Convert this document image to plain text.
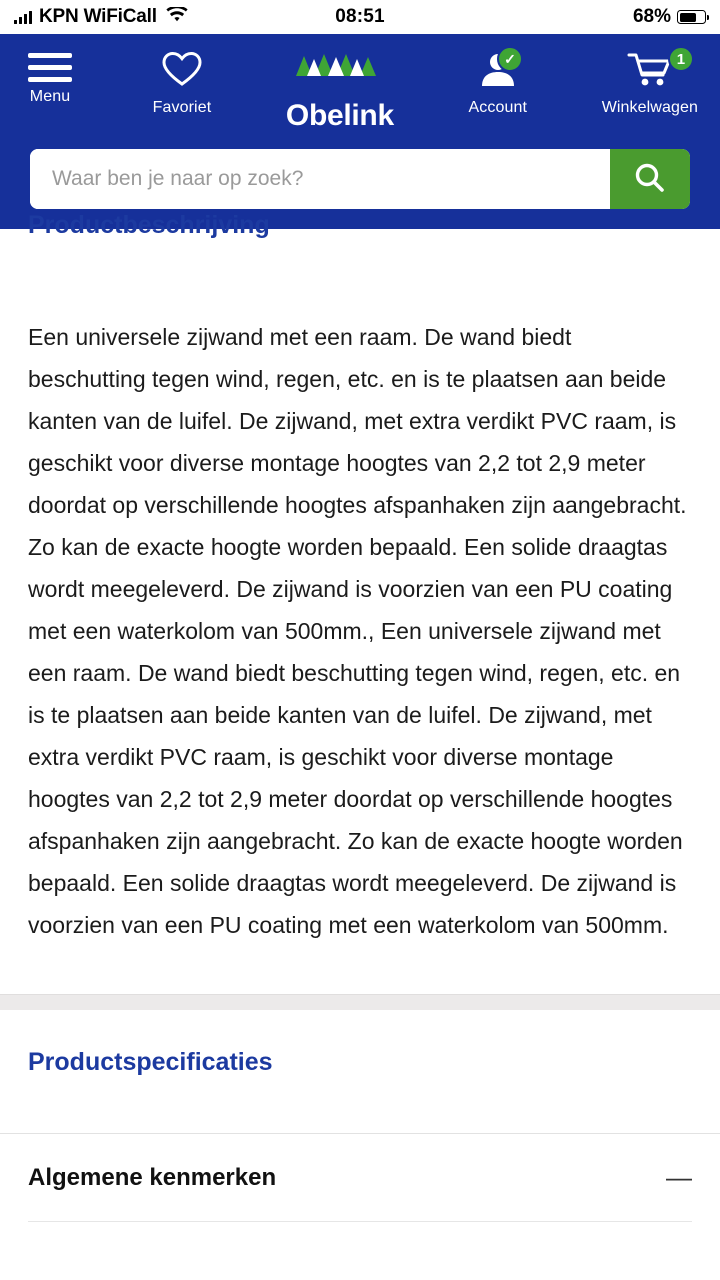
KPN WiFiCall	08:51	68%
Menu
Favoriet Obelink
✓
Account
1
Winkelwagen
Waar ben je naar op zoek?
Productbeschrijving

Een universele zijwand met een raam. De wand biedt beschutting tegen wind, regen, etc. en is te plaatsen aan beide kanten van de luifel. De zijwand, met extra verdikt PVC raam, is geschikt voor diverse montage hoogtes van 2,2 tot 2,9 meter doordat op verschillende hoogtes afspanhaken zijn aangebracht. Zo kan de exacte hoogte worden bepaald. Een solide draagtas wordt meegeleverd. De zijwand is voorzien van een PU coating met een waterkolom van 500mm., Een universele zijwand met een raam. De wand biedt beschutting tegen wind, regen, etc. en is te plaatsen aan beide kanten van de luifel. De zijwand, met extra verdikt PVC raam, is geschikt voor diverse montage hoogtes van 2,2 tot 2,9 meter doordat op verschillende hoogtes afspanhaken zijn aangebracht. Zo kan de exacte hoogte worden bepaald. Een solide draagtas wordt meegeleverd. De zijwand is voorzien van een PU coating met een waterkolom van 500mm.

Productspecificaties
Algemene kenmerken	—
